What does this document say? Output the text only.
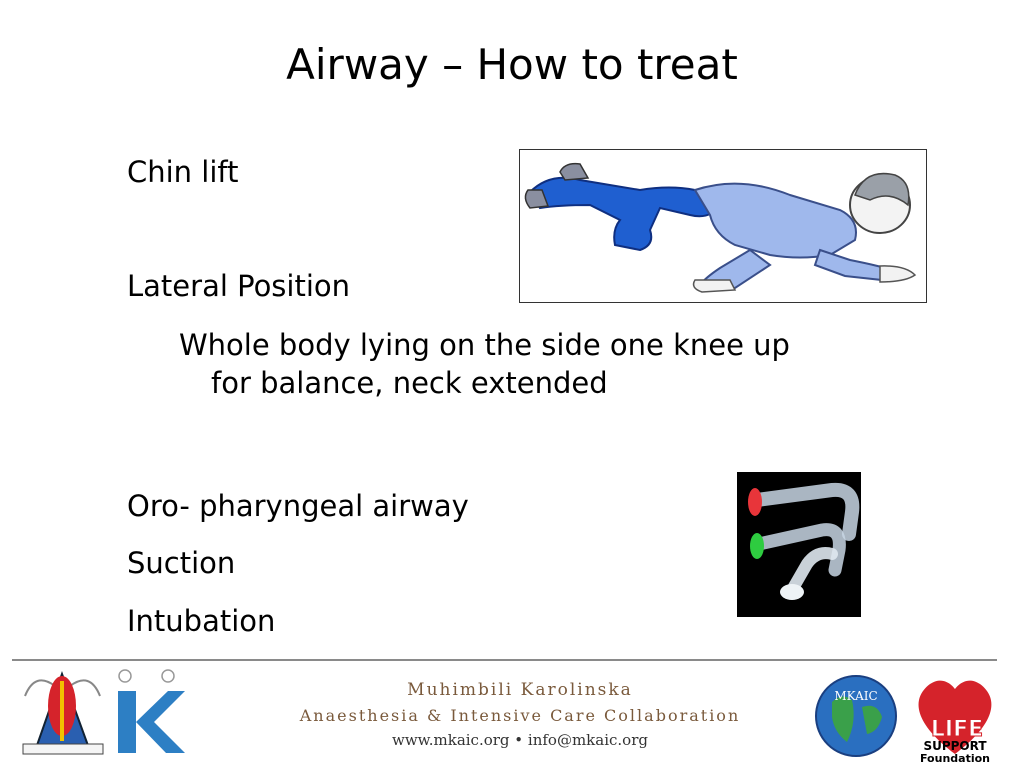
Airway – How to treat
Chin lift
Lateral Position
Whole body lying on the side one knee up
for balance, neck extended
Oro- pharyngeal airway
Suction
Intubation
Muhimbili Karolinska
Anaesthesia & Intensive Care Collaboration
www.mkaic.org • info@mkaic.org
MKAIC
LIFE
SUPPORT
Foundation
